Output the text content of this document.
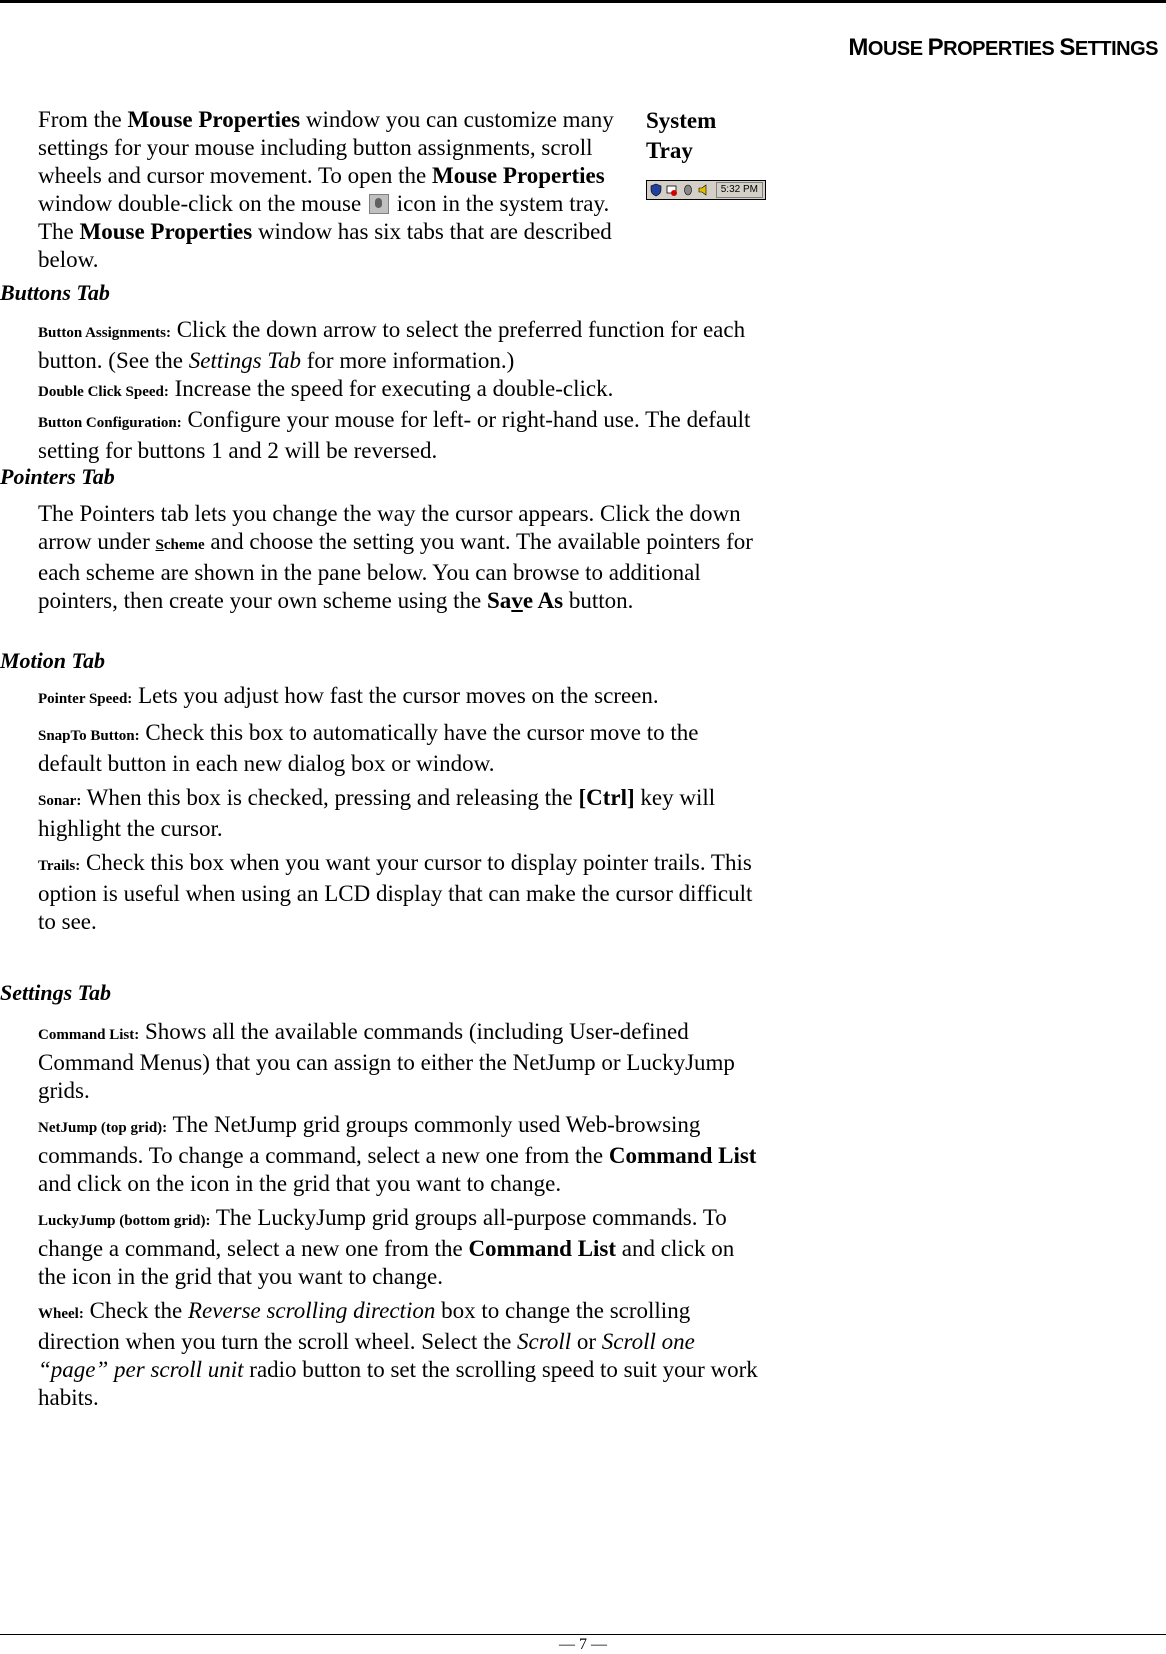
MOUSE PROPERTIES SETTINGS

From the Mouse Properties window you can customize many settings for your mouse including button assignments, scroll wheels and cursor movement. To open the Mouse Properties window double-click on the mouse  icon in the system tray. The Mouse Properties window has six tabs that are described below.

System
Tray
5:32 PM
Buttons Tab
Button Assignments: Click the down arrow to select the preferred function for each button. (See the Settings Tab for more information.)
Double Click Speed: Increase the speed for executing a double-click.
Button Configuration: Configure your mouse for left- or right-hand use. The default setting for buttons 1 and 2 will be reversed.
Pointers Tab
The Pointers tab lets you change the way the cursor appears. Click the down arrow under Scheme and choose the setting you want. The available pointers for each scheme are shown in the pane below. You can browse to additional pointers, then create your own scheme using the Save As button.
Motion Tab
Pointer Speed: Lets you adjust how fast the cursor moves on the screen.
SnapTo Button: Check this box to automatically have the cursor move to the default button in each new dialog box or window.
Sonar: When this box is checked, pressing and releasing the [Ctrl] key will highlight the cursor.
Trails: Check this box when you want your cursor to display pointer trails. This option is useful when using an LCD display that can make the cursor difficult to see.
Settings Tab
Command List: Shows all the available commands (including User-defined Command Menus) that you can assign to either the NetJump or LuckyJump grids.
NetJump (top grid): The NetJump grid groups commonly used Web-browsing commands. To change a command, select a new one from the Command List and click on the icon in the grid that you want to change.
LuckyJump (bottom grid): The LuckyJump grid groups all-purpose commands. To change a command, select a new one from the Command List and click on the icon in the grid that you want to change.
Wheel: Check the Reverse scrolling direction box to change the scrolling direction when you turn the scroll wheel. Select the Scroll or Scroll one “page” per scroll unit radio button to set the scrolling speed to suit your work habits.
— 7 —
